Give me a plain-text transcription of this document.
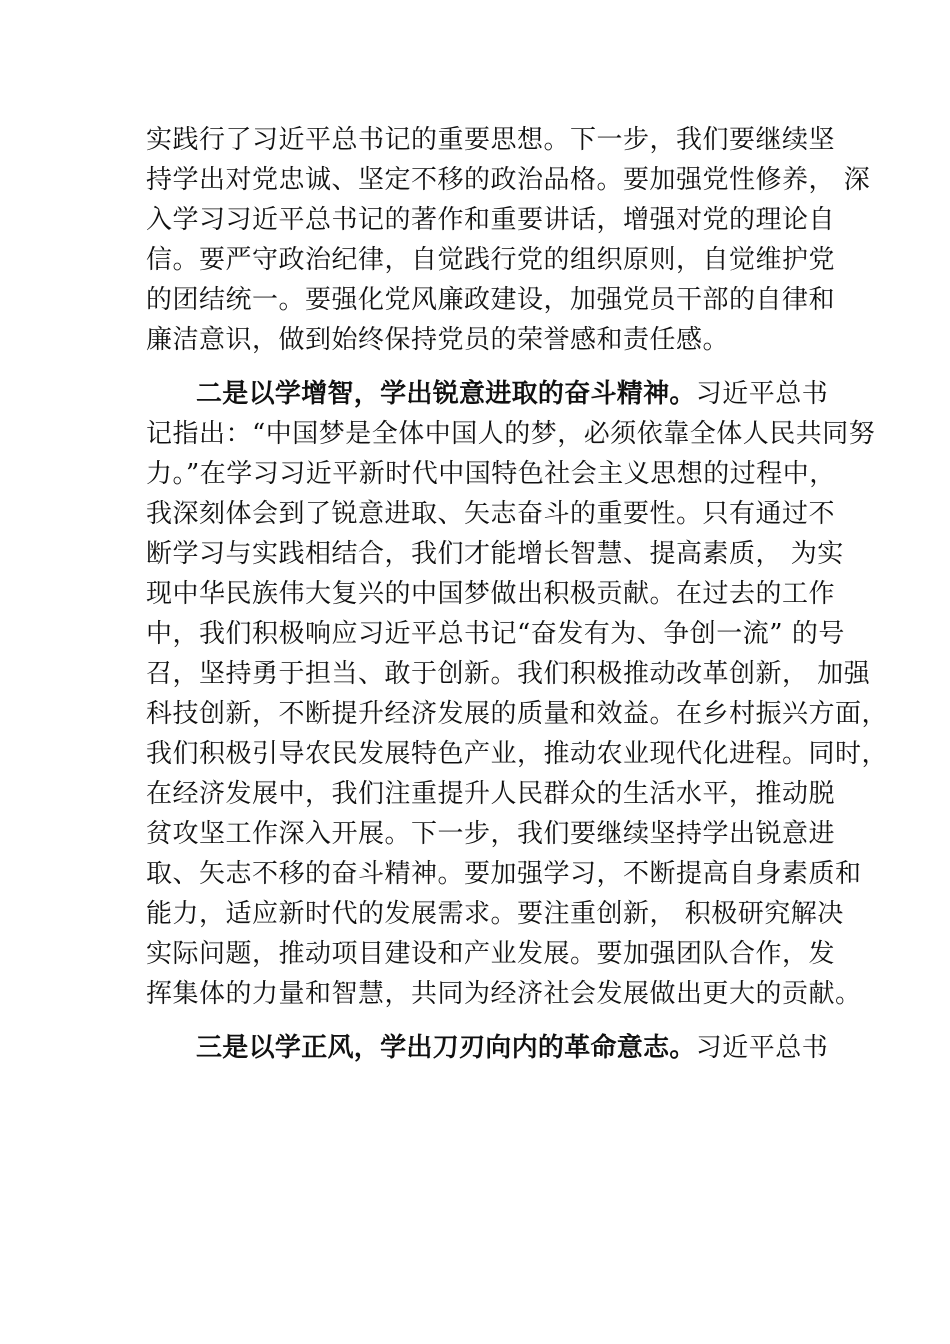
实践行了习近平总书记的重要思想。下一步，我们要继续坚
持学出对党忠诚、坚定不移的政治品格。要加强党性修养， 深
入学习习近平总书记的著作和重要讲话，增强对党的理论自
信。要严守政治纪律，自觉践行党的组织原则，自觉维护党
的团结统一。要强化党风廉政建设，加强党员干部的自律和
廉洁意识，做到始终保持党员的荣誉感和责任感。
二是以学增智，学出锐意进取的奋斗精神。习近平总书
记指出：“中国梦是全体中国人的梦，必须依靠全体人民共同努
力。”在学习习近平新时代中国特色社会主义思想的过程中，
我深刻体会到了锐意进取、矢志奋斗的重要性。只有通过不
断学习与实践相结合，我们才能增长智慧、提高素质， 为实
现中华民族伟大复兴的中国梦做出积极贡献。在过去的工作
中，我们积极响应习近平总书记“奋发有为、争创一流” 的号
召，坚持勇于担当、敢于创新。我们积极推动改革创新， 加强
科技创新，不断提升经济发展的质量和效益。在乡村振兴方面，
我们积极引导农民发展特色产业，推动农业现代化进程。同时，
在经济发展中，我们注重提升人民群众的生活水平，推动脱
贫攻坚工作深入开展。下一步，我们要继续坚持学出锐意进
取、矢志不移的奋斗精神。要加强学习，不断提高自身素质和
能力，适应新时代的发展需求。要注重创新， 积极研究解决
实际问题，推动项目建设和产业发展。要加强团队合作，发
挥集体的力量和智慧，共同为经济社会发展做出更大的贡献。
三是以学正风，学出刀刃向内的革命意志。习近平总书
